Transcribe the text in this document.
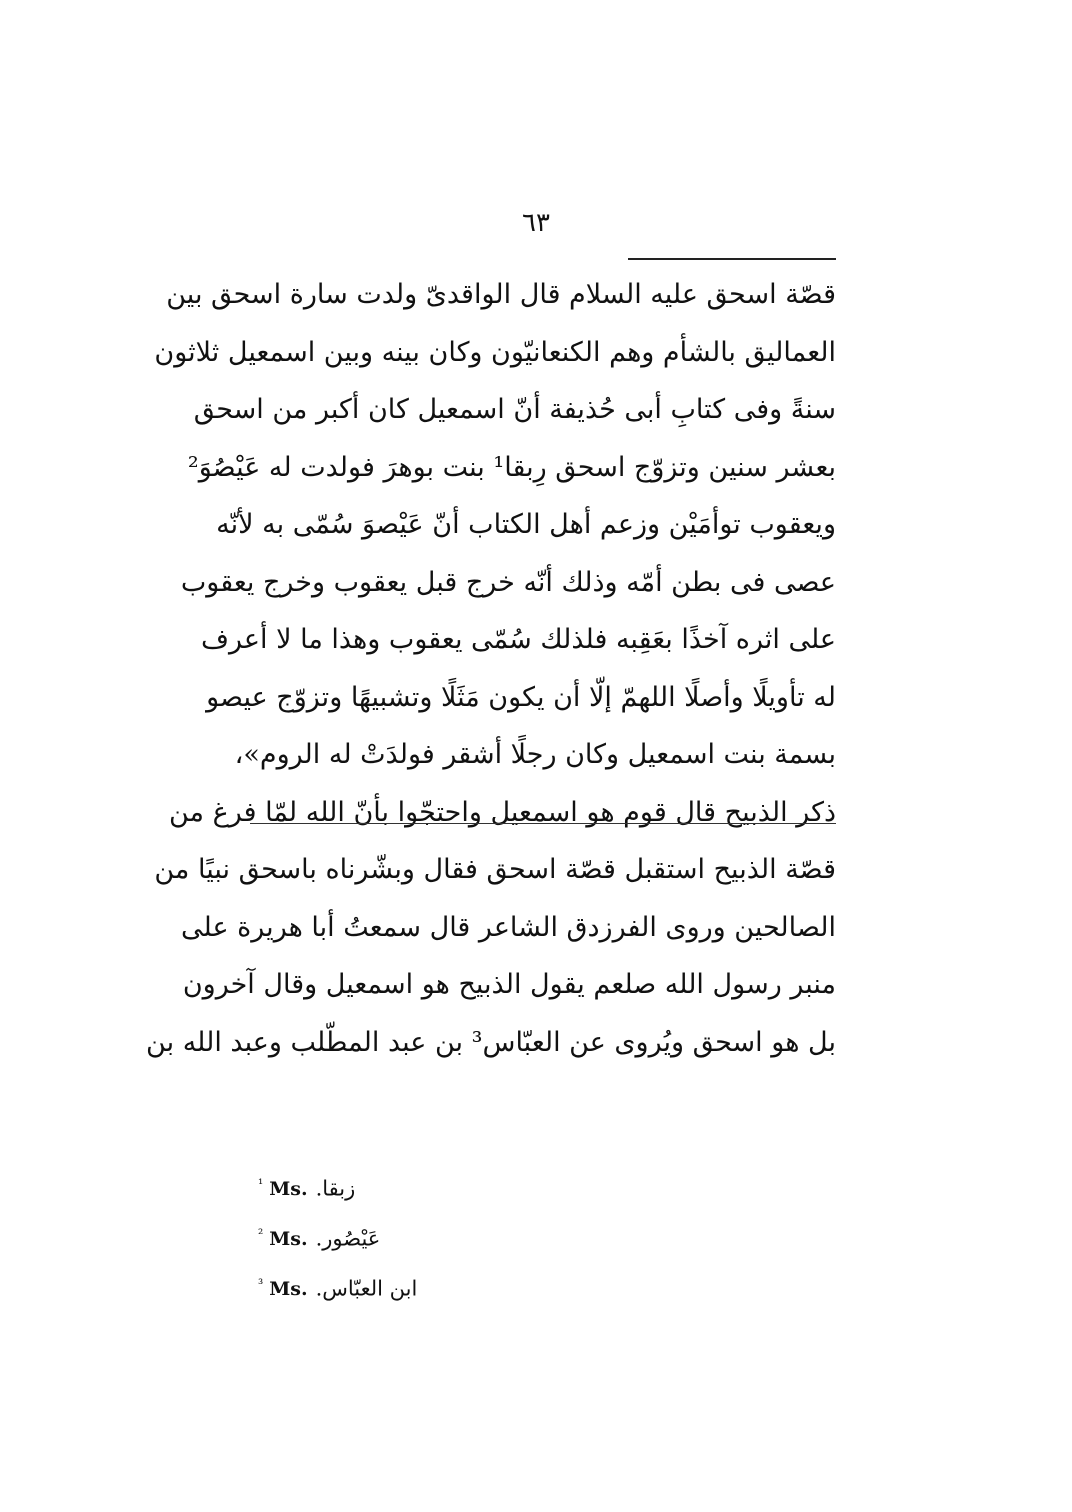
٦٣
قصّة اسحق عليه السلام قال الواقدىّ ولدت سارة اسحق بين
العماليق بالشأم وهم الكنعانيّون وكان بينه وبين اسمعيل ثلاثون
سنةً وفى كتابِ أبى حُذيفة أنّ اسمعيل كان أكبر من اسحق
بعشر سنين وتزوّج اسحق رِبقا¹ بنت بوهرَ فولدت له عَيْصُوَ²
ويعقوب توأمَيْن وزعم أهل الكتاب أنّ عَيْصوَ سُمّى به لأنّه
عصى فى بطن أمّه وذلك أنّه خرج قبل يعقوب وخرج يعقوب
على اثره آخذًا بعَقِبه فلذلك سُمّى يعقوب وهذا ما لا أعرف
له تأويلًا وأصلًا اللهمّ إلّا أن يكون مَثَلًا وتشبيهًا وتزوّج عيصو
بسمة بنت اسمعيل وكان رجلًا أشقر فولدَتْ له الروم»،
ذكر الذبيح قال قوم هو اسمعيل واحتجّوا بأنّ الله لمّا فرغ من
قصّة الذبيح استقبل قصّة اسحق فقال وبشّرناه باسحق نبيًا من
الصالحين وروى الفرزدق الشاعر قال سمعتُ أبا هريرة على
منبر رسول الله صلعم يقول الذبيح هو اسمعيل وقال آخرون
بل هو اسحق ويُروى عن العبّاس³ بن عبد المطّلب وعبد الله بن
$^{^1}$ Ms. زبقا.
$^{^2}$ Ms. عَيْصُور.
$^{^3}$ Ms. ابن العبّاس.
